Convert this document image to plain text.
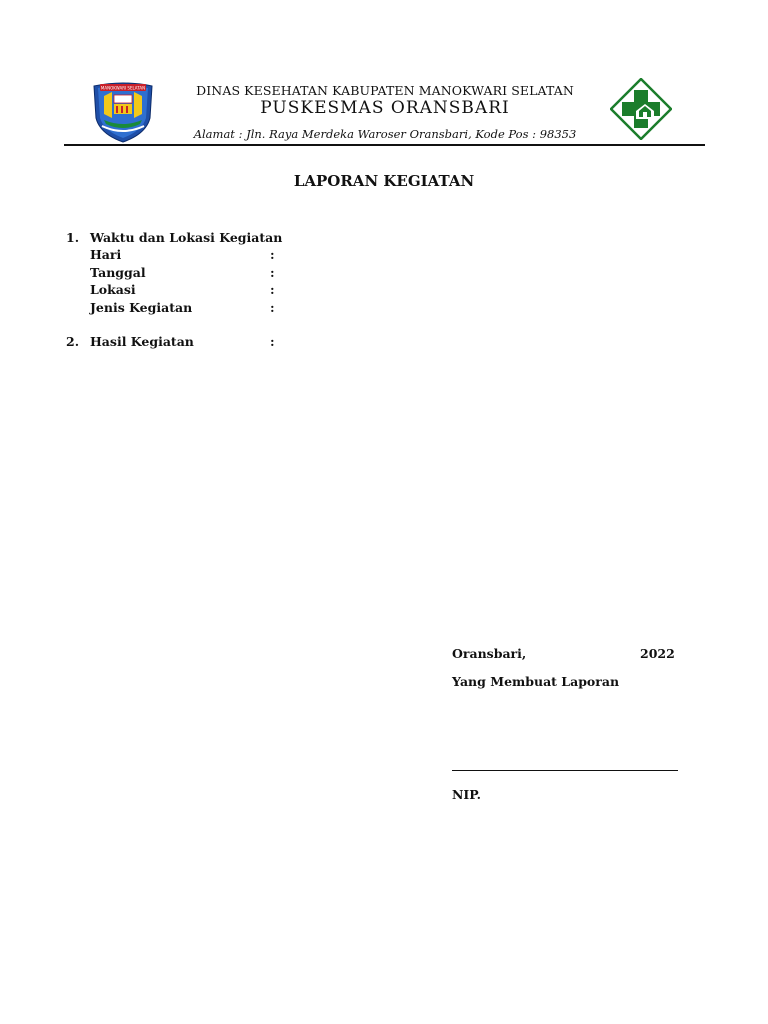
MANOKWARI SELATAN	DINAS KESEHATAN KABUPATEN MANOKWARI SELATAN
PUSKESMAS ORANSBARI
Alamat : Jln. Raya Merdeka Waroser Oransbari, Kode Pos : 98353
LAPORAN KEGIATAN
1. Waktu dan Lokasi Kegiatan
Hari	:
Tanggal	:
Lokasi	:
Jenis Kegiatan	:
2. Hasil Kegiatan	:
Oransbari,	2022
Yang Membuat Laporan
NIP.
